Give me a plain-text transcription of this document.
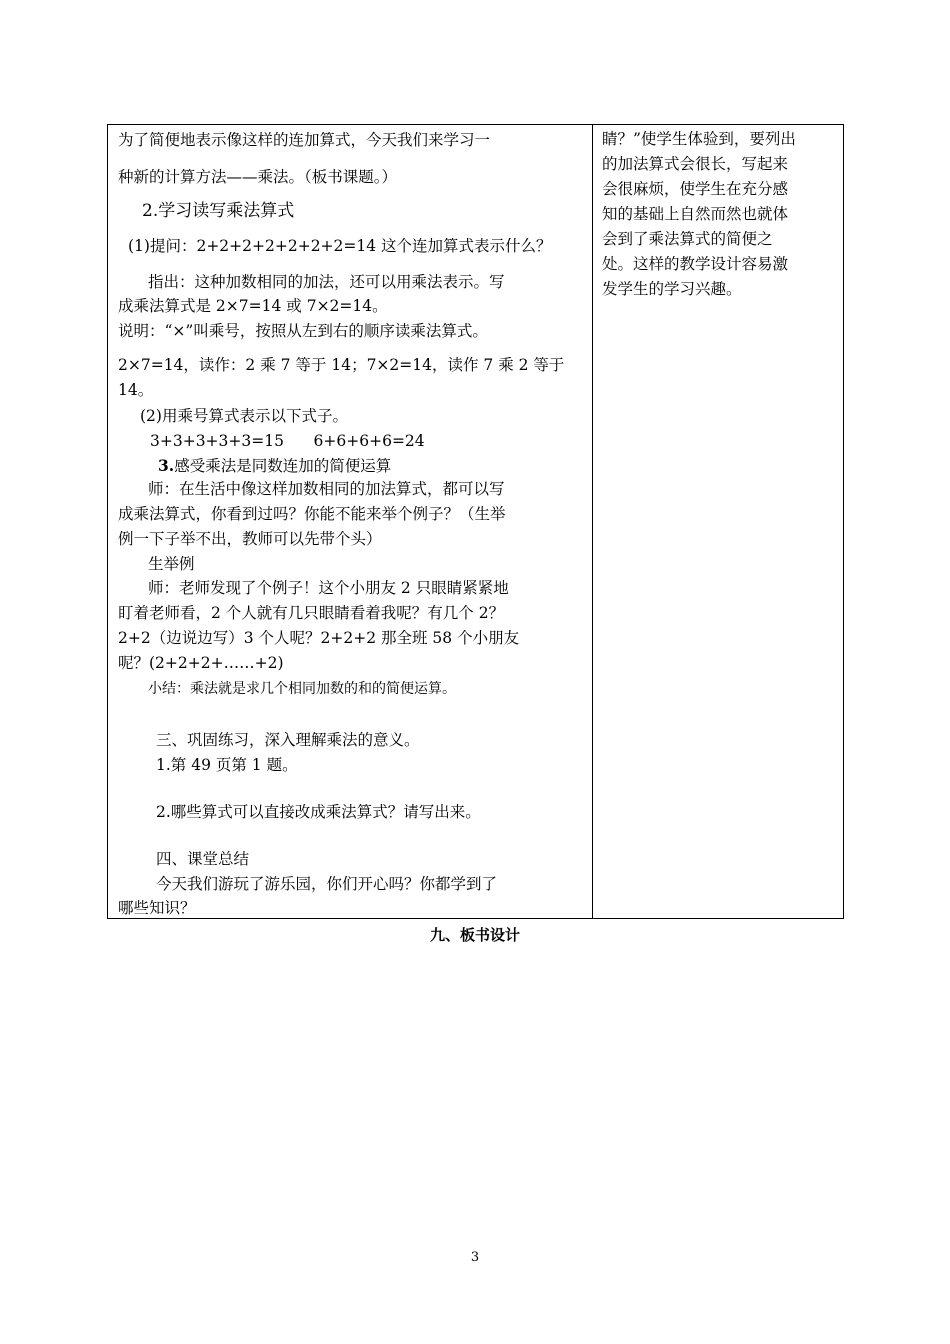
为了简便地表示像这样的连加算式，今天我们来学习一

种新的计算方法——乘法。（板书课题。）

2.学习读写乘法算式

(1)提问：2+2+2+2+2+2+2=14 这个连加算式表示什么？

指出：这种加数相同的加法，还可以用乘法表示。写

成乘法算式是 2×7=14 或 7×2=14。

说明：“×”叫乘号，按照从左到右的顺序读乘法算式。

2×7=14，读作：2 乘 7 等于 14；7×2=14，读作 7 乘 2 等于

14。

(2)用乘号算式表示以下式子。

3+3+3+3+3=15      6+6+6+6=24

3.感受乘法是同数连加的简便运算

师：在生活中像这样加数相同的加法算式，都可以写

成乘法算式，你看到过吗？你能不能来举个例子？（生举

例一下子举不出，教师可以先带个头）

生举例

师：老师发现了个例子！这个小朋友 2 只眼睛紧紧地

盯着老师看，2 个人就有几只眼睛看着我呢？有几个 2？

2+2（边说边写）3 个人呢？2+2+2 那全班 58 个小朋友

呢？(2+2+2+……+2)

小结：乘法就是求几个相同加数的和的简便运算。

三、巩固练习，深入理解乘法的意义。

1.第 49 页第 1 题。

2.哪些算式可以直接改成乘法算式？请写出来。

四、课堂总结

今天我们游玩了游乐园，你们开心吗？你都学到了

哪些知识？

睛？”使学生体验到，要列出

的加法算式会很长，写起来

会很麻烦，使学生在充分感

知的基础上自然而然也就体

会到了乘法算式的简便之

处。这样的教学设计容易激

发学生的学习兴趣。

九、板书设计
3
